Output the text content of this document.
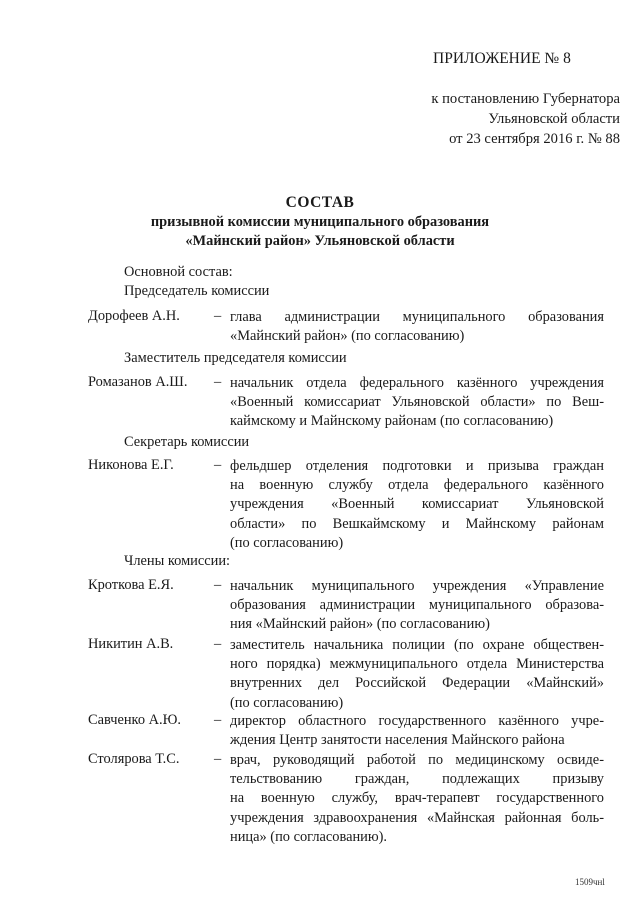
ПРИЛОЖЕНИЕ № 8
к постановлению Губернатора
Ульяновской области
от 23 сентября 2016 г. № 88
СОСТАВ
призывной комиссии муниципального образования
«Майнский район» Ульяновской области
Основной состав:
Председатель комиссии
Дорофеев А.Н. – глава администрации муниципального образования
«Майнский район» (по согласованию)
Заместитель председателя комиссии
Ромазанов А.Ш. – начальник отдела федерального казённого учреждения
«Военный комиссариат Ульяновской области» по Веш-
каймскому и Майнскому районам (по согласованию)
Секретарь комиссии
Никонова Е.Г.	– фельдшер отделения подготовки и призыва граждан
на военную службу отдела федерального казённого
учреждения «Военный комиссариат Ульяновской
области» по Вешкаймскому и Майнскому районам
(по согласованию)
Члены комиссии:
Кроткова Е.Я.	– начальник муниципального учреждения «Управление
образования администрации муниципального образова-
ния «Майнский район» (по согласованию)
Никитин А.В.	– заместитель начальника полиции (по охране обществен-
ного порядка) межмуниципального отдела Министерства
внутренних дел Российской Федерации «Майнский»
(по согласованию)
Савченко А.Ю. – директор областного государственного казённого учре-
ждения Центр занятости населения Майнского района
Столярова Т.С. – врач, руководящий работой по медицинскому освиде-
тельствованию граждан, подлежащих призыву
на военную службу, врач-терапевт государственного
учреждения здравоохранения «Майнская районная боль-
ница» (по согласованию).
1509чнl
